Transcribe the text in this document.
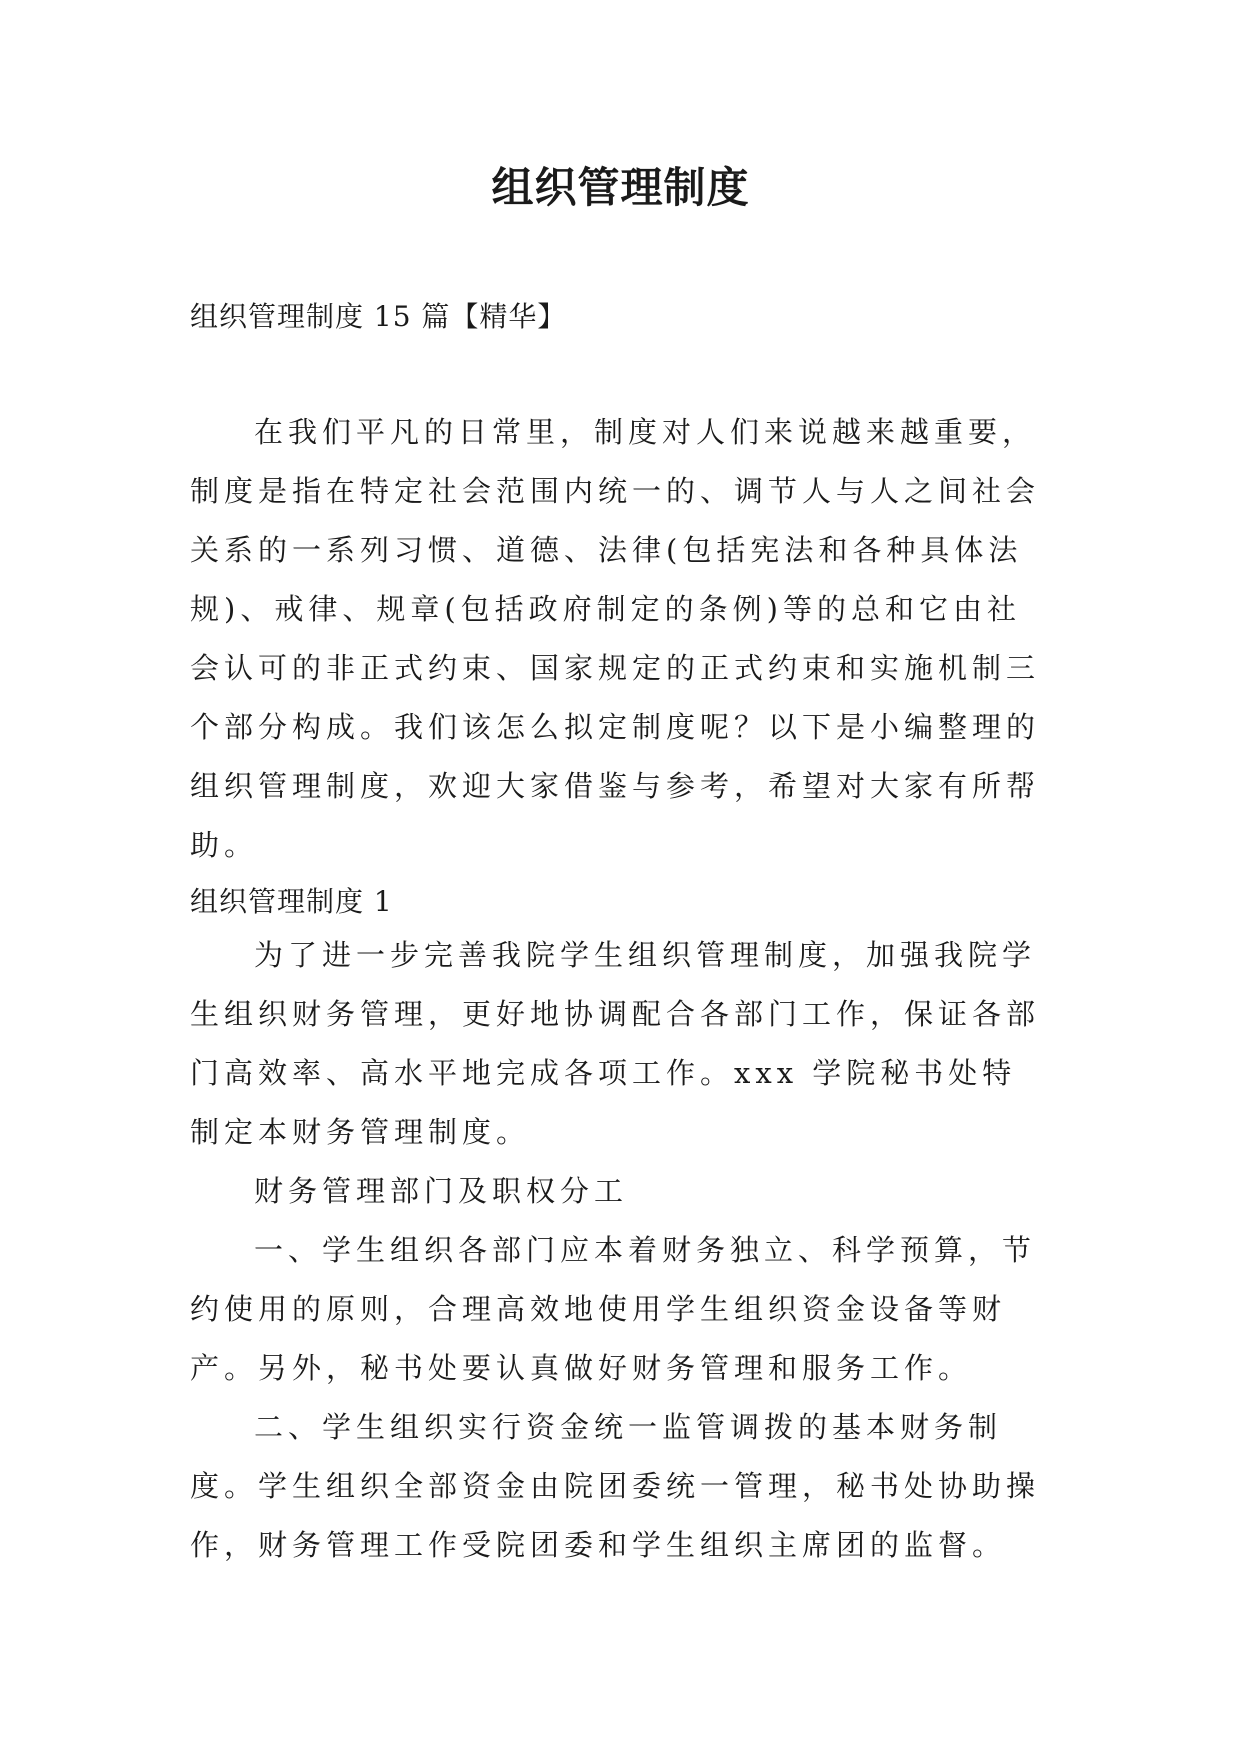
组织管理制度

组织管理制度 15 篇【精华】

在我们平凡的日常里，制度对人们来说越来越重要，制度是指在特定社会范围内统一的、调节人与人之间社会关系的一系列习惯、道德、法律(包括宪法和各种具体法规)、戒律、规章(包括政府制定的条例)等的总和它由社会认可的非正式约束、国家规定的正式约束和实施机制三个部分构成。我们该怎么拟定制度呢？以下是小编整理的组织管理制度，欢迎大家借鉴与参考，希望对大家有所帮助。

组织管理制度 1

为了进一步完善我院学生组织管理制度，加强我院学生组织财务管理，更好地协调配合各部门工作，保证各部门高效率、高水平地完成各项工作。xxx 学院秘书处特制定本财务管理制度。

财务管理部门及职权分工

一、学生组织各部门应本着财务独立、科学预算，节约使用的原则，合理高效地使用学生组织资金设备等财产。另外，秘书处要认真做好财务管理和服务工作。

二、学生组织实行资金统一监管调拨的基本财务制度。学生组织全部资金由院团委统一管理，秘书处协助操作，财务管理工作受院团委和学生组织主席团的监督。
